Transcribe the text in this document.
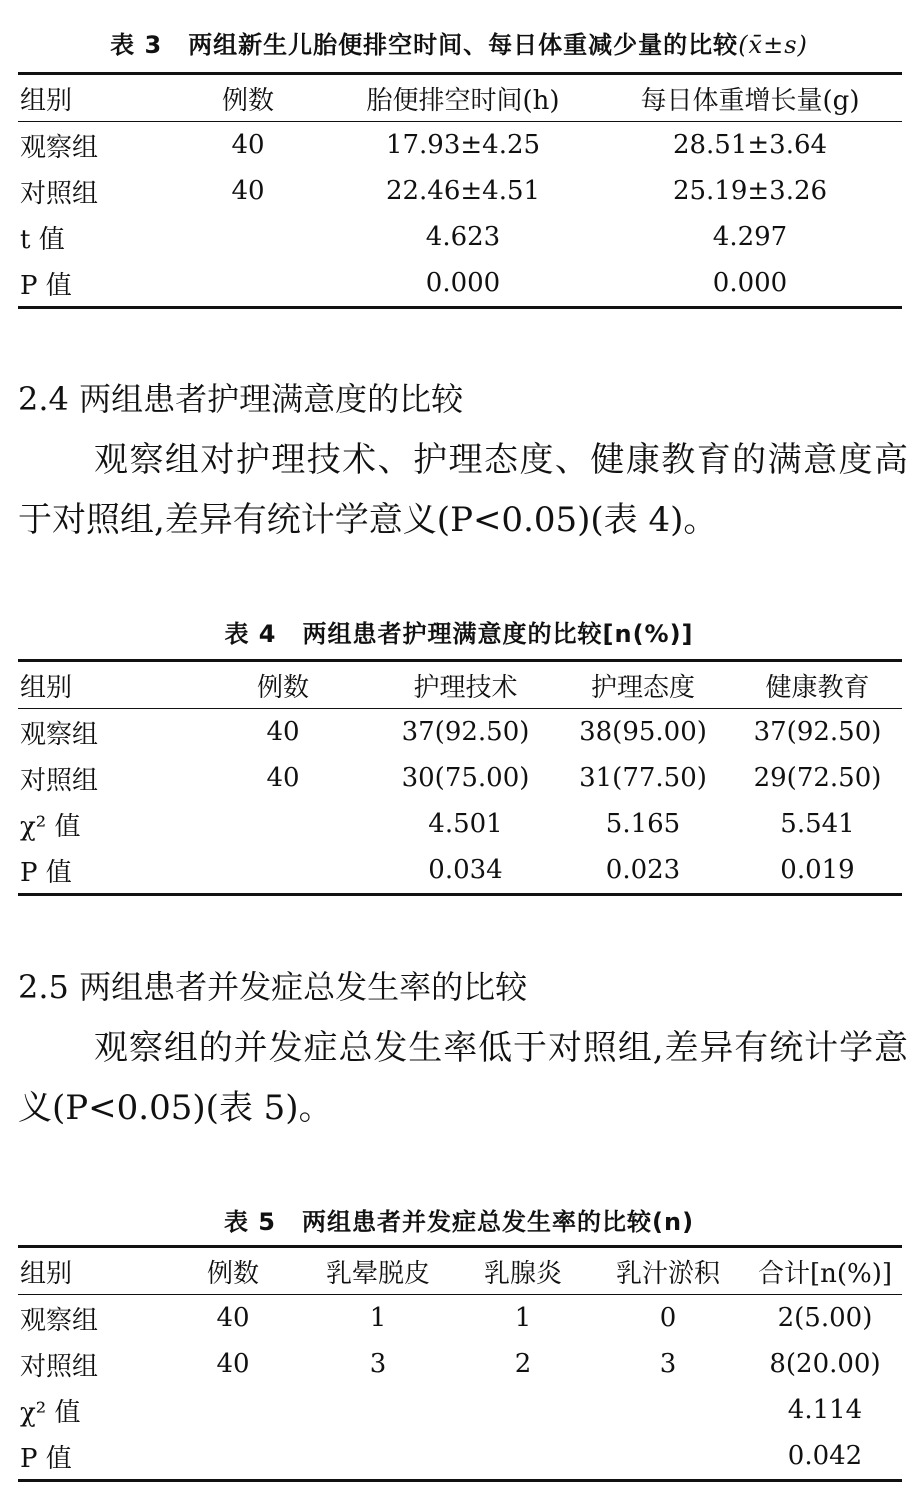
表 3 两组新生儿胎便排空时间、每日体重减少量的比较(x̄±s)
组别	例数	胎便排空时间(h)	每日体重增长量(g)
观察组	40	17.93±4.25	28.51±3.64
对照组	40	22.46±4.51	25.19±3.26
t 值		4.623	4.297
P 值		0.000	0.000
2.4 两组患者护理满意度的比较

观察组对护理技术、护理态度、健康教育的满意度高于对照组,差异有统计学意义(P<0.05)(表 4)。

表 4 两组患者护理满意度的比较[n(%)]
组别	例数	护理技术	护理态度	健康教育
观察组	40	37(92.50)	38(95.00)	37(92.50)
对照组	40	30(75.00)	31(77.50)	29(72.50)
χ² 值		4.501	5.165	5.541
P 值		0.034	0.023	0.019
2.5 两组患者并发症总发生率的比较

观察组的并发症总发生率低于对照组,差异有统计学意义(P<0.05)(表 5)。

表 5 两组患者并发症总发生率的比较(n)
组别	例数	乳晕脱皮	乳腺炎	乳汁淤积	合计[n(%)]
观察组	40	1	1	0	2(5.00)
对照组	40	3	2	3	8(20.00)
χ² 值					4.114
P 值					0.042
